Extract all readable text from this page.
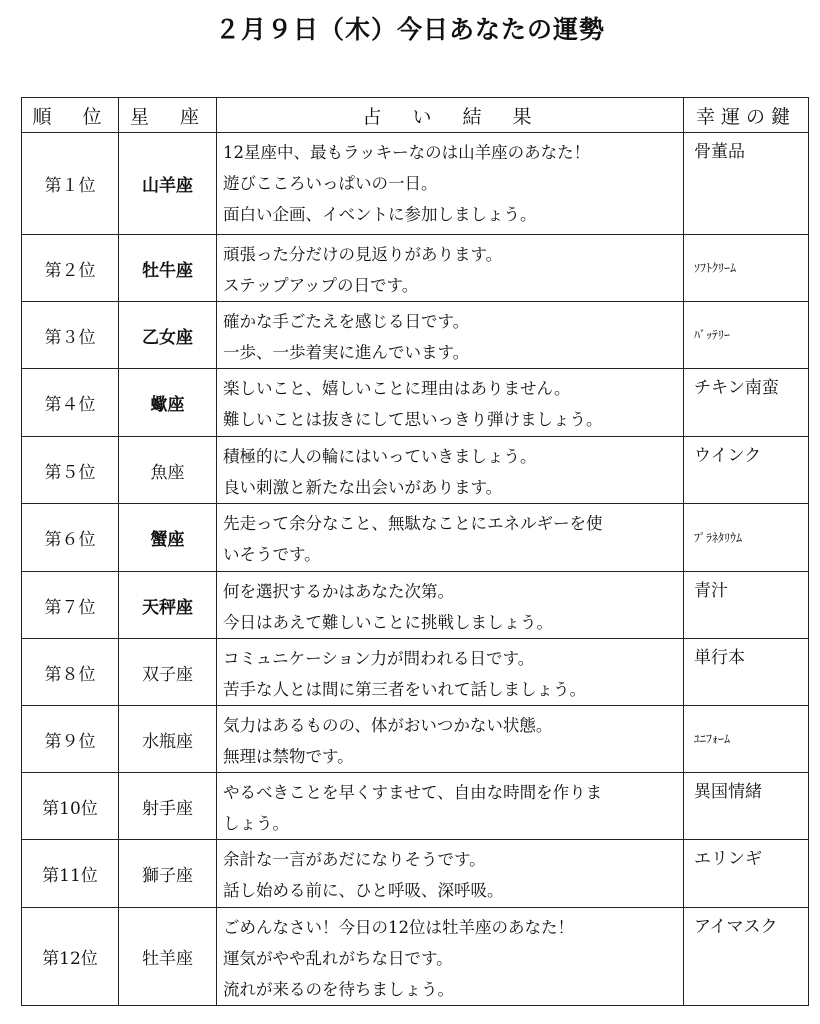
２月９日（木）今日あなたの運勢
順　位	星　座	占　い　結　果	幸運の鍵
第１位	山羊座	12星座中、最もラッキーなのは山羊座のあなた！
遊びこころいっぱいの一日。
面白い企画、イベントに参加しましょう。	骨董品
第２位	牡牛座	頑張った分だけの見返りがあります。
ステップアップの日です。	ｿﾌﾄｸﾘｰﾑ
第３位	乙女座	確かな手ごたえを感じる日です。
一歩、一歩着実に進んでいます。	ﾊﾞｯﾃﾘｰ
第４位	蠍座	楽しいこと、嬉しいことに理由はありません。
難しいことは抜きにして思いっきり弾けましょう。	チキン南蛮
第５位	魚座	積極的に人の輪にはいっていきましょう。
良い刺激と新たな出会いがあります。	ウインク
第６位	蟹座	先走って余分なこと、無駄なことにエネルギーを使
いそうです。	ﾌﾟﾗﾈﾀﾘｳﾑ
第７位	天秤座	何を選択するかはあなた次第。
今日はあえて難しいことに挑戦しましょう。	青汁
第８位	双子座	コミュニケーション力が問われる日です。
苦手な人とは間に第三者をいれて話しましょう。	単行本
第９位	水瓶座	気力はあるものの、体がおいつかない状態。
無理は禁物です。	ﾕﾆﾌｫｰﾑ
第10位	射手座	やるべきことを早くすませて、自由な時間を作りま
しょう。	異国情緒
第11位	獅子座	余計な一言があだになりそうです。
話し始める前に、ひと呼吸、深呼吸。	エリンギ
第12位	牡羊座	ごめんなさい！今日の12位は牡羊座のあなた！
運気がやや乱れがちな日です。
流れが来るのを待ちましょう。	アイマスク
